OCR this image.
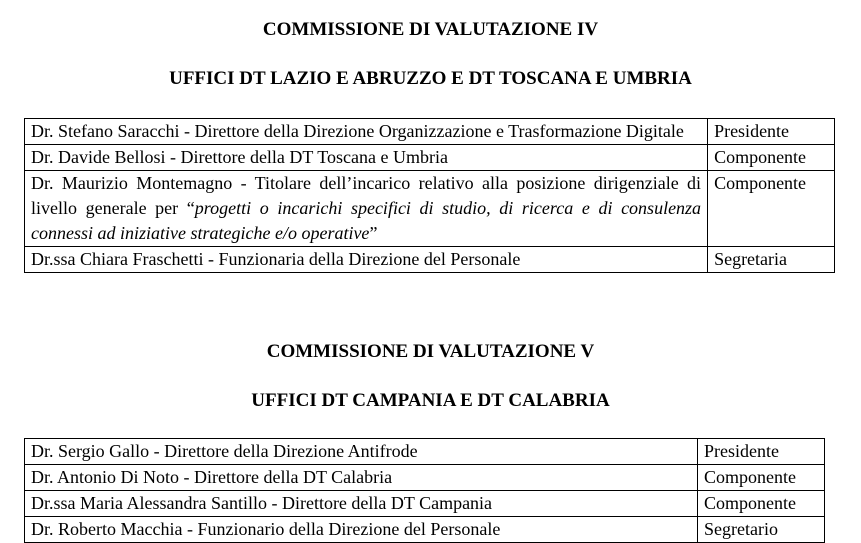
COMMISSIONE DI VALUTAZIONE IV

UFFICI DT LAZIO E ABRUZZO E DT TOSCANA E UMBRIA

Dr. Stefano Saracchi - Direttore della Direzione Organizzazione e Trasformazione Digitale	Presidente
Dr. Davide Bellosi - Direttore della DT Toscana e Umbria	Componente
Dr. Maurizio Montemagno - Titolare dell’incarico relativo alla posizione dirigenziale di livello generale per “progetti o incarichi specifici di studio, di ricerca e di consulenza connessi ad iniziative strategiche e/o operative”	Componente
Dr.ssa Chiara Fraschetti - Funzionaria della Direzione del Personale	Segretaria

COMMISSIONE DI VALUTAZIONE V

UFFICI DT CAMPANIA E DT CALABRIA

Dr. Sergio Gallo - Direttore della Direzione Antifrode	Presidente
Dr. Antonio Di Noto - Direttore della DT Calabria	Componente
Dr.ssa Maria Alessandra Santillo - Direttore della DT Campania	Componente
Dr. Roberto Macchia - Funzionario della Direzione del Personale	Segretario
